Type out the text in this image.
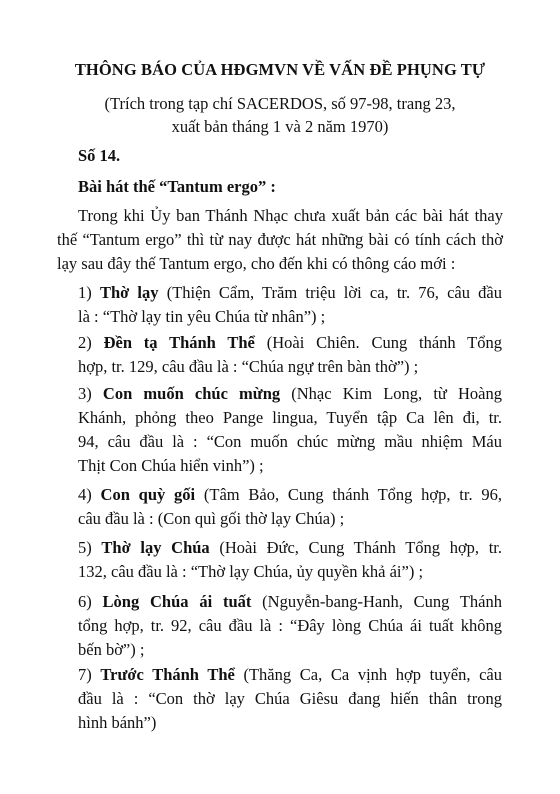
THÔNG BÁO CỦA HĐGMVN VỀ VẤN ĐỀ PHỤNG TỰ
(Trích trong tạp chí SACERDOS, số 97-98, trang 23,
xuất bản tháng 1 và 2 năm 1970)
Số 14.
Bài hát thế “Tantum ergo” :
Trong khi Ủy ban Thánh Nhạc chưa xuất bản các bài hát thay
thế “Tantum ergo” thì từ nay được hát những bài có tính cách thờ
lạy sau đây thế Tantum ergo, cho đến khi có thông cáo mới :
1) Thờ lạy (Thiện Cẩm, Trăm triệu lời ca, tr. 76, câu đầu
là : “Thờ lạy tin yêu Chúa từ nhân”) ;
2) Đền tạ Thánh Thể (Hoài Chiên. Cung thánh Tổng
hợp, tr. 129, câu đầu là : “Chúa ngự trên bàn thờ”) ;
3) Con muốn chúc mừng (Nhạc Kim Long, từ Hoàng
Khánh, phỏng theo Pange lingua, Tuyển tập Ca lên đi, tr.
94, câu đầu là : “Con muốn chúc mừng mầu nhiệm Máu
Thịt Con Chúa hiển vinh”) ;
4) Con quỳ gối (Tâm Bảo, Cung thánh Tổng hợp, tr. 96,
câu đầu là : (Con quì gối thờ lạy Chúa) ;
5) Thờ lạy Chúa (Hoài Đức, Cung Thánh Tổng hợp, tr.
132, câu đầu là : “Thờ lạy Chúa, ủy quyền khả ái”) ;
6) Lòng Chúa ái tuất (Nguyễn-bang-Hanh, Cung Thánh
tổng hợp, tr. 92, câu đầu là : “Đây lòng Chúa ái tuất không
bến bờ”) ;
7) Trước Thánh Thể (Thăng Ca, Ca vịnh hợp tuyển, câu
đầu là : “Con thờ lạy Chúa Giêsu đang hiến thân trong
hình bánh”)
